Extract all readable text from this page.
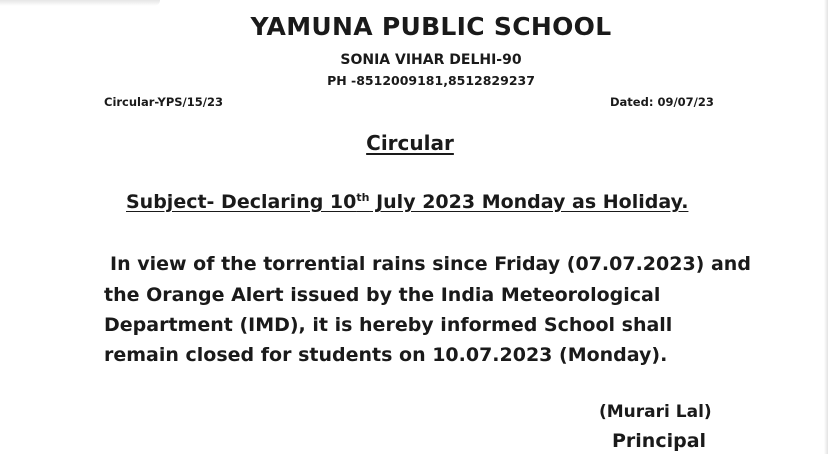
YAMUNA PUBLIC SCHOOL
SONIA VIHAR DELHI-90
PH -8512009181,8512829237
Circular-YPS/15/23	Dated: 09/07/23
Circular
Subject- Declaring 10th July 2023 Monday as Holiday.
In view of the torrential rains since Friday (07.07.2023) and
the Orange Alert issued by the India Meteorological
Department (IMD), it is hereby informed School shall
remain closed for students on 10.07.2023 (Monday).
(Murari Lal)
Principal
